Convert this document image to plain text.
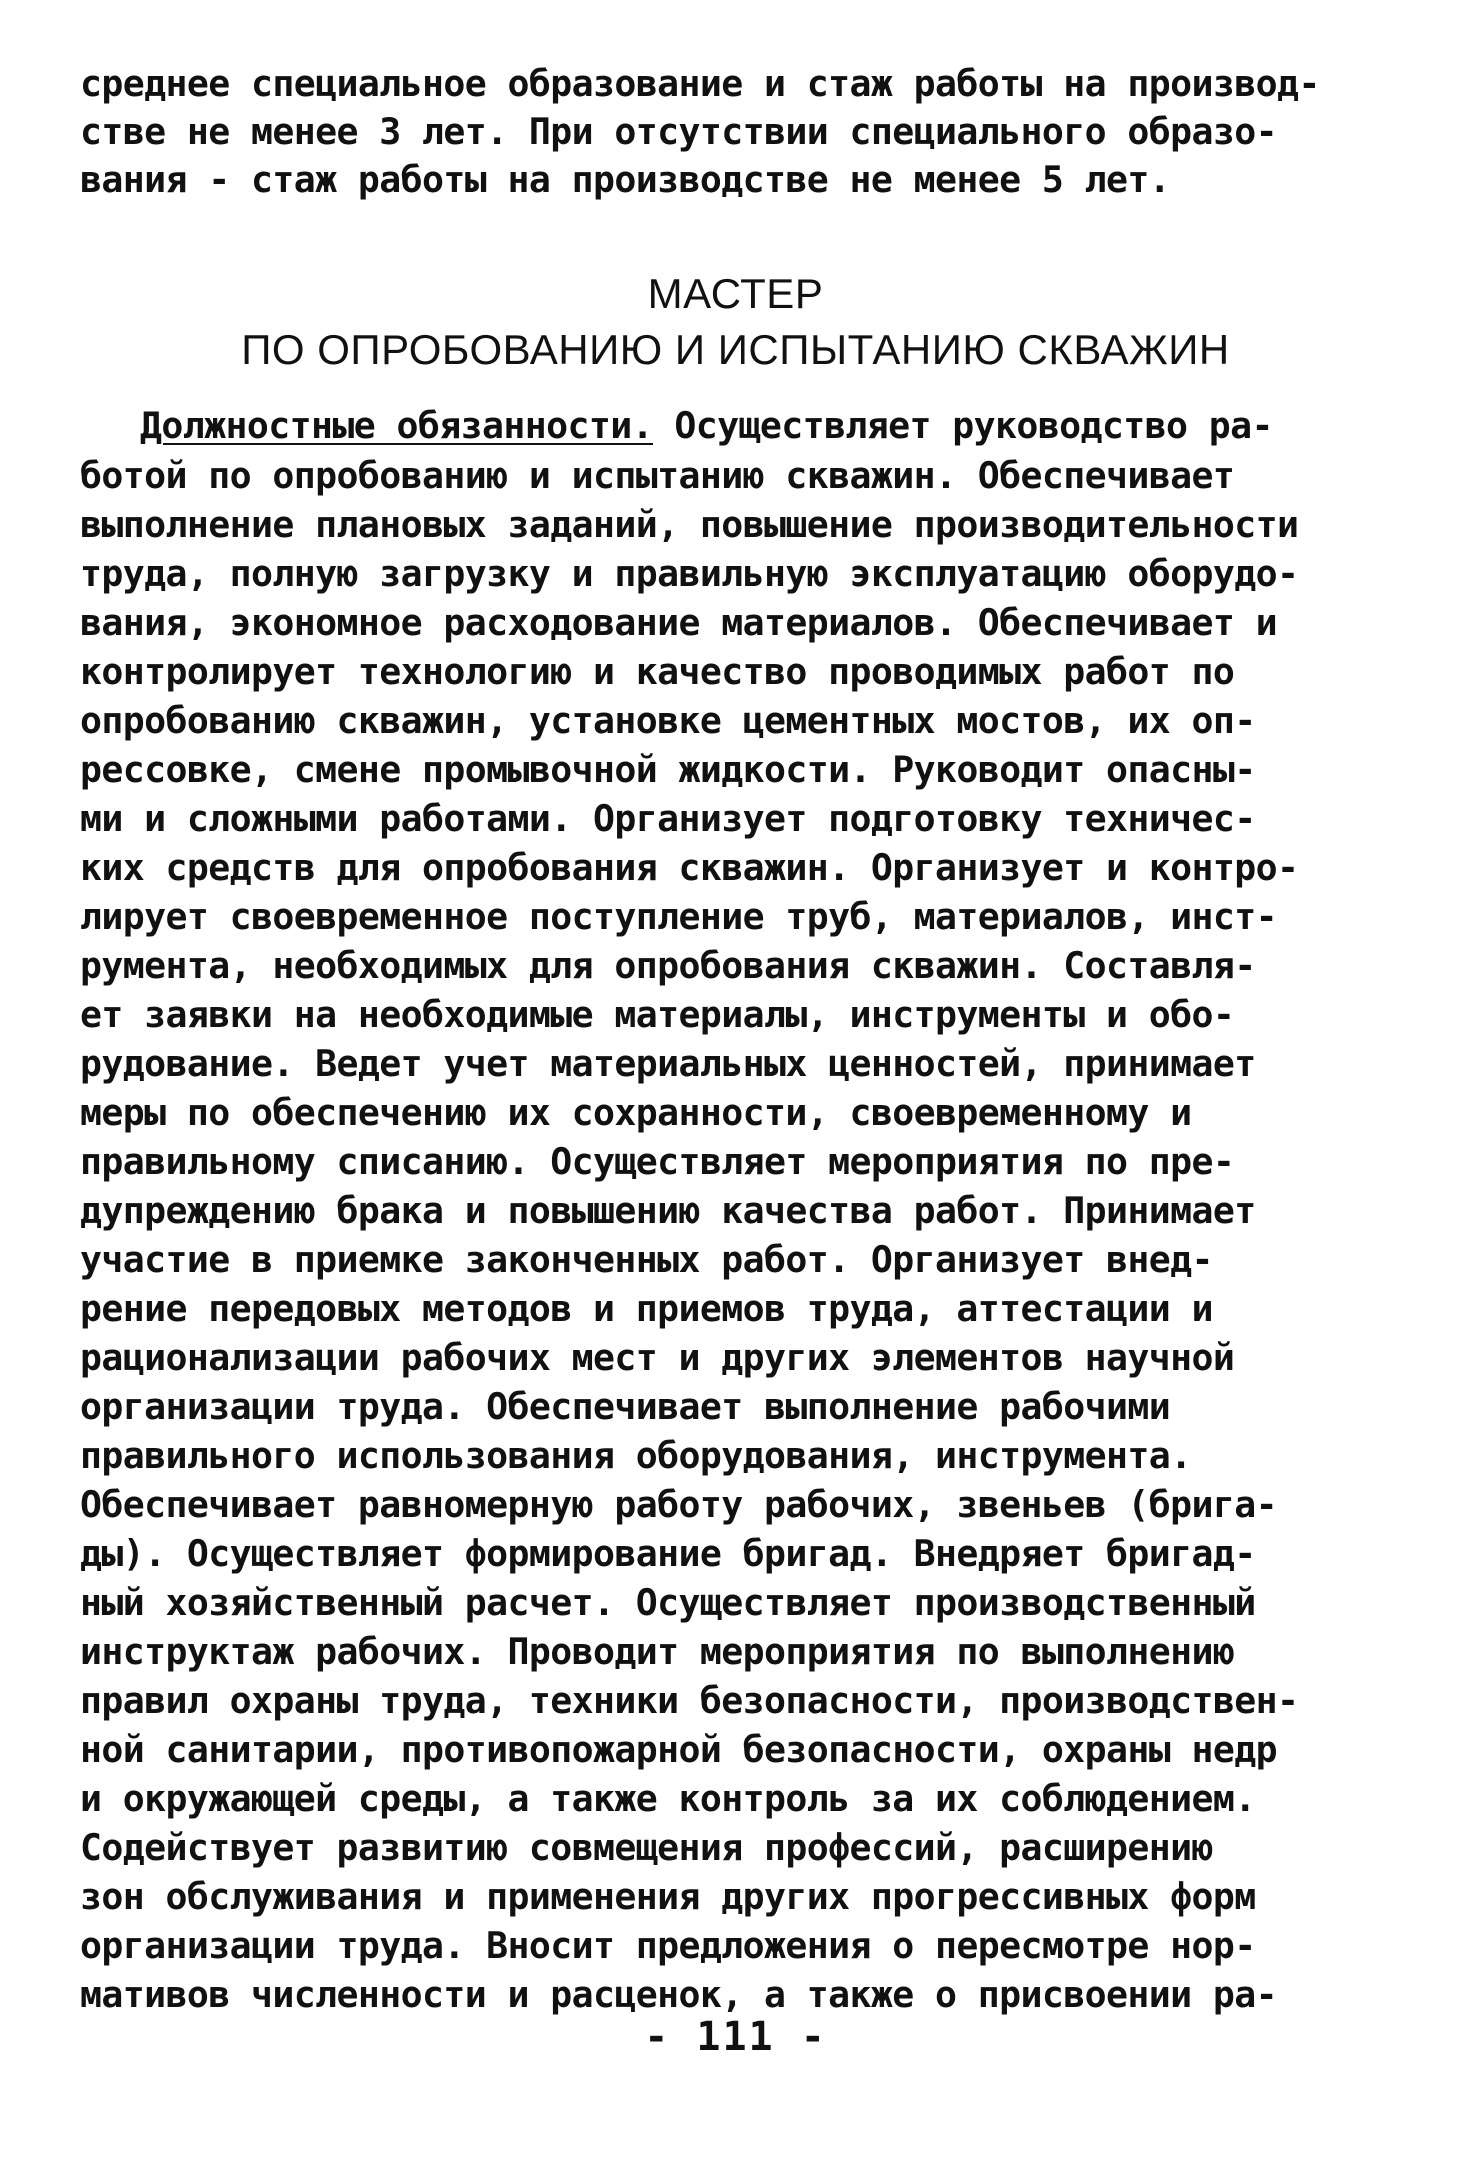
среднее специальное образование и стаж работы на производ-

стве не менее 3 лет. При отсутствии специального образо-

вания - стаж работы на производстве не менее 5 лет.

МАСТЕР
ПО ОПРОБОВАНИЮ И ИСПЫТАНИЮ СКВАЖИН

Должностные обязанности. Осуществляет руководство ра-

ботой по опробованию и испытанию скважин. Обеспечивает

выполнение плановых заданий, повышение производительности

труда, полную загрузку и правильную эксплуатацию оборудо-

вания, экономное расходование материалов. Обеспечивает и

контролирует технологию и качество проводимых работ по

опробованию скважин, установке цементных мостов, их оп-

рессовке, смене промывочной жидкости. Руководит опасны-

ми и сложными работами. Организует подготовку техничес-

ких средств для опробования скважин. Организует и контро-

лирует своевременное поступление труб, материалов, инст-

румента, необходимых для опробования скважин. Составля-

ет заявки на необходимые материалы, инструменты и обо-

рудование. Ведет учет материальных ценностей, принимает

меры по обеспечению их сохранности, своевременному и

правильному списанию. Осуществляет мероприятия по пре-

дупреждению брака и повышению качества работ. Принимает

участие в приемке законченных работ. Организует внед-

рение передовых методов и приемов труда, аттестации и

рационализации рабочих мест и других элементов научной

организации труда. Обеспечивает выполнение рабочими

правильного использования оборудования, инструмента.

Обеспечивает равномерную работу рабочих, звеньев (брига-

ды). Осуществляет формирование бригад. Внедряет бригад-

ный хозяйственный расчет. Осуществляет производственный

инструктаж рабочих. Проводит мероприятия по выполнению

правил охраны труда, техники безопасности, производствен-

ной санитарии, противопожарной безопасности, охраны недр

и окружающей среды, а также контроль за их соблюдением.

Содействует развитию совмещения профессий, расширению

зон обслуживания и применения других прогрессивных форм

организации труда. Вносит предложения о пересмотре нор-

мативов численности и расценок, а также о присвоении ра-

- 111 -
